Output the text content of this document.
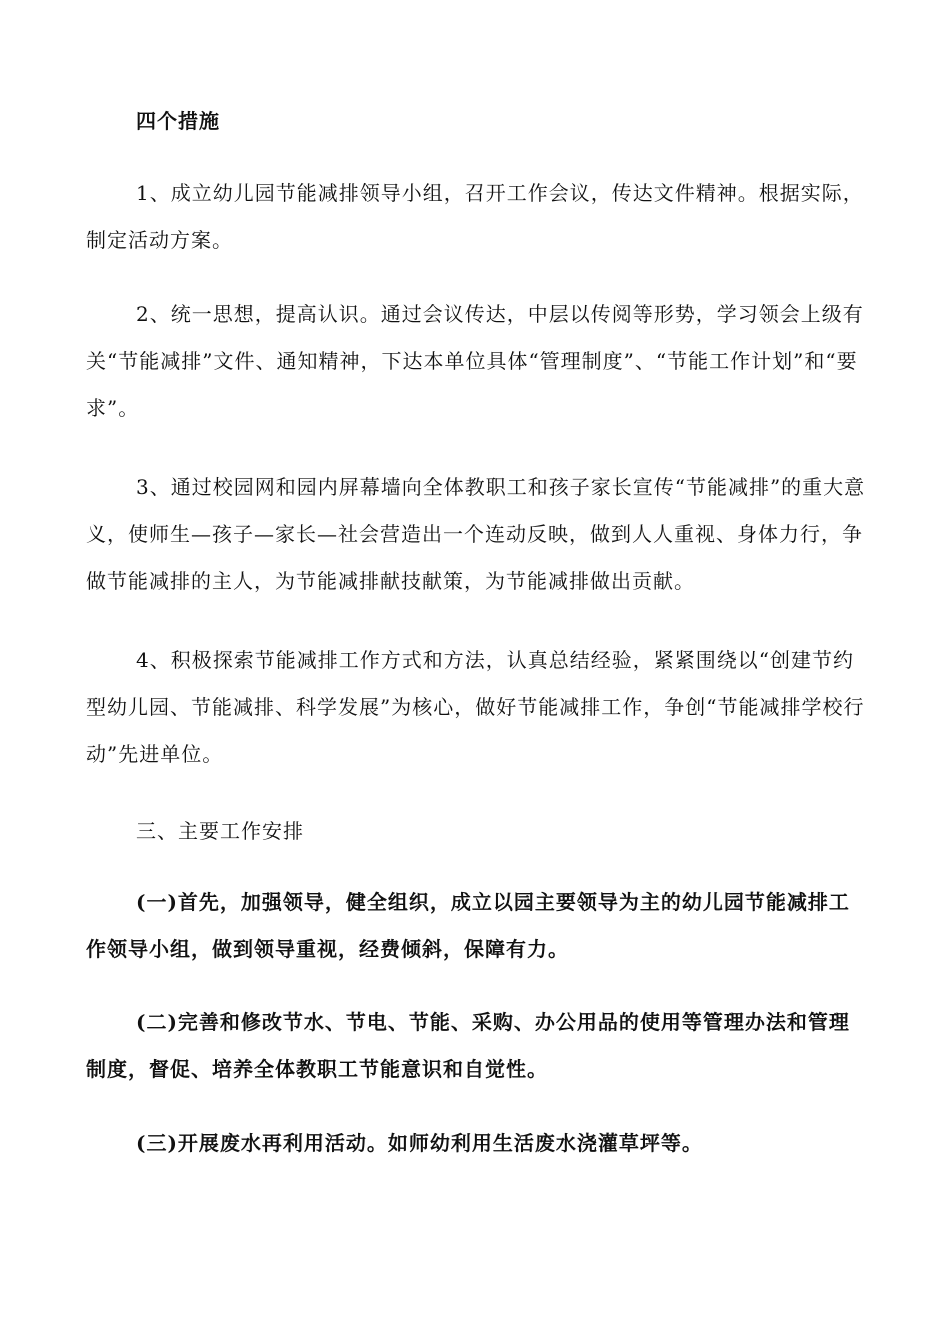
四个措施

1、成立幼儿园节能减排领导小组，召开工作会议，传达文件精神。根据实际，制定活动方案。

2、统一思想，提高认识。通过会议传达，中层以传阅等形势，学习领会上级有关“节能减排”文件、通知精神，下达本单位具体“管理制度”、“节能工作计划”和“要求”。

3、通过校园网和园内屏幕墙向全体教职工和孩子家长宣传“节能减排”的重大意义，使师生—孩子—家长—社会营造出一个连动反映，做到人人重视、身体力行，争做节能减排的主人，为节能减排献技献策，为节能减排做出贡献。

4、积极探索节能减排工作方式和方法，认真总结经验，紧紧围绕以“创建节约型幼儿园、节能减排、科学发展”为核心，做好节能减排工作，争创“节能减排学校行动”先进单位。

三、主要工作安排

(一)首先，加强领导，健全组织，成立以园主要领导为主的幼儿园节能减排工作领导小组，做到领导重视，经费倾斜，保障有力。

(二)完善和修改节水、节电、节能、采购、办公用品的使用等管理办法和管理制度，督促、培养全体教职工节能意识和自觉性。

(三)开展废水再利用活动。如师幼利用生活废水浇灌草坪等。
